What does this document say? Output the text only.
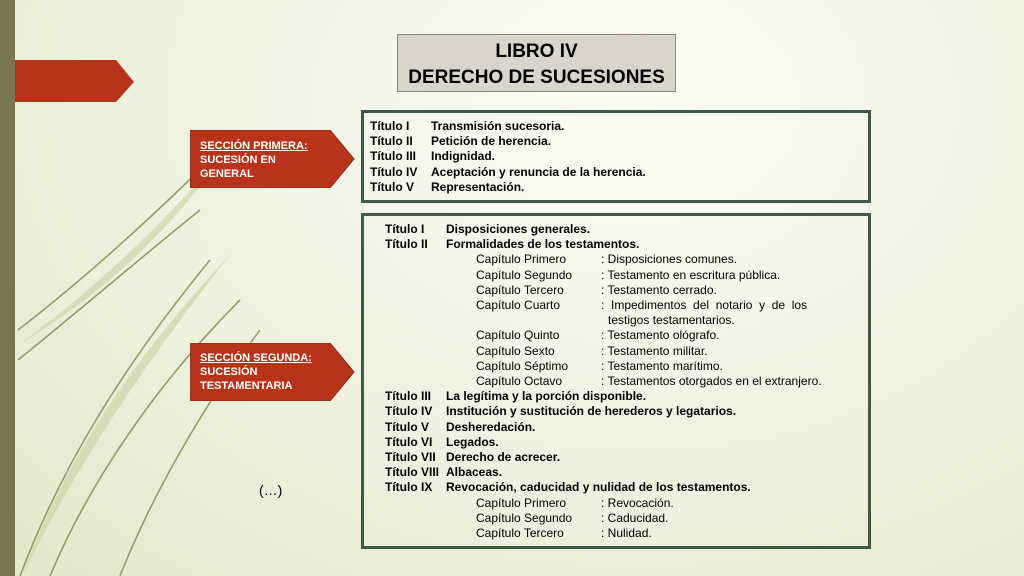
LIBRO IV
DERECHO DE SUCESIONES
SECCIÓN PRIMERA:
SUCESIÓN EN
GENERAL
SECCIÓN SEGUNDA:
SUCESIÓN
TESTAMENTARIA
Título I	Transmisión sucesoria.
Título II	Petición de herencia.
Título III	Indignidad.
Título IV	Aceptación y renuncia de la herencia.
Título V	Representación.
Título I	Disposiciones generales.
Título II	Formalidades de los testamentos.
Capítulo Primero	: Disposiciones comunes.
Capítulo Segundo	: Testamento en escritura pública.
Capítulo Tercero	: Testamento cerrado.
Capítulo Cuarto	:  Impedimentos  del  notario  y  de  los
testigos testamentarios.
Capítulo Quinto	: Testamento ológrafo.
Capítulo Sexto	: Testamento militar.
Capítulo Séptimo	: Testamento marítimo.
Capítulo Octavo	: Testamentos otorgados en el extranjero.
Título III	La legítima y la porción disponible.
Título IV	Institución y sustitución de herederos y legatarios.
Título V	Desheredación.
Título VI	Legados.
Título VII Derecho de acrecer.
Título VIII Albaceas.
Título IX	Revocación, caducidad y nulidad de los testamentos.
Capítulo Primero	: Revocación.
Capítulo Segundo	: Caducidad.
Capítulo Tercero	: Nulidad.
(…)
